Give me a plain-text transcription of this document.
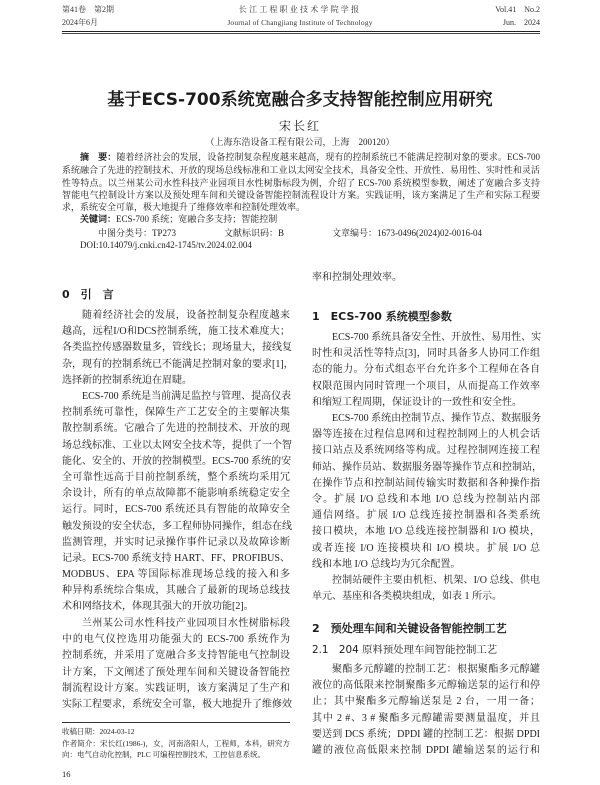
第41卷　第2期
2024年6月
长江工程职业技术学院学报
Journal of Changjiang Institute of Technology
Vol.41　No.2
Jun.　2024
基于ECS-700系统宽融合多支持智能控制应用研究
宋长红
（上海东浩设备工程有限公司，上海　200120）

摘　要：随着经济社会的发展，设备控制复杂程度越来越高，现有的控制系统已不能满足控制对象的要求。ECS-700 系统融合了先进的控制技术、开放的现场总线标准和工业以太网安全技术，具备安全性、开放性、易用性、实时性和灵活性等特点。以兰州某公司水性科技产业园项目水性树脂标段为例，介绍了 ECS-700 系统模型参数，阐述了宽融合多支持智能电气控制设计方案以及预处理车间和关键设备智能控制流程设计方案。实践证明，该方案满足了生产和实际工程要求，系统安全可靠，极大地提升了维修效率和控制处理效率。

关键词：ECS-700 系统；宽融合多支持；智能控制

中图分类号：TP273	文献标识码：B	文章编号：1673-0496(2024)02-0016-04

DOI:10.14079/j.cnki.cn42-1745/tv.2024.02.004

0　引　言
随着经济社会的发展，设备控制复杂程度越来
越高，远程I/O和DCS控制系统，施工技术难度大；
各类监控传感器数量多，管线长；现场量大，接线复
杂，现有的控制系统已不能满足控制对象的要求[1]，
选择新的控制系统迫在眉睫。
ECS-700 系统是当前满足监控与管理、提高仪表
控制系统可靠性，保障生产工艺安全的主要解决集
散控制系统。它融合了先进的控制技术、开放的现
场总线标准、工业以太网安全技术等，提供了一个智
能化、安全的、开放的控制模型。ECS-700 系统的安
全可靠性远高于目前控制系统，整个系统均采用冗
余设计，所有的单点故障都不能影响系统稳定安全
运行。同时，ECS-700 系统还具有智能的故障安全
触发预设的安全状态，多工程师协同操作，组态在线
监测管理，并实时记录操作事件记录以及故障诊断
记录。ECS-700 系统支持 HART、FF、PROFIBUS、
MODBUS、EPA 等国际标准现场总线的接入和多
种异构系统综合集成，其融合了最新的现场总线技
术和网络技术，体现其强大的开放功能[2]。
兰州某公司水性科技产业园项目水性树脂标段
中的电气仪控选用功能强大的 ECS-700 系统作为
控制系统，并采用了宽融合多支持智能电气控制设
计方案，下文阐述了预处理车间和关键设备智能控
制流程设计方案。实践证明，该方案满足了生产和
实际工程要求，系统安全可靠，极大地提升了维修效
收稿日期：2024-03-12
作者简介：宋长红(1986-)，女，河南洛阳人，工程师，本科，研究方向：电气自动化控制，PLC 可编程控制技术，工控信息系统。
16
率和控制处理效率。
1　ECS-700 系统模型参数
ECS-700 系统具备安全性、开放性、易用性、实
时性和灵活性等特点[3]，同时具备多人协同工作组
态的能力。分布式组态平台允许多个工程师在各自
权限范围内同时管理一个项目，从而提高工作效率
和缩短工程周期，保证设计的一致性和安全性。
ECS-700 系统由控制节点、操作节点、数据服务
器等连接在过程信息网和过程控制网上的人机会话
接口站点及系统网络等构成。过程控制网连接工程
师站、操作员站、数据服务器等操作节点和控制站，
在操作节点和控制站间传输实时数据和各种操作指
令。扩展 I/O 总线和本地 I/O 总线为控制站内部
通信网络。扩展 I/O 总线连接控制器和各类系统
接口模块，本地 I/O 总线连接控制器和 I/O 模块，
或者连接 I/O 连接模块和 I/O 模块。扩展 I/O 总
线和本地 I/O 总线均为冗余配置。
控制站硬件主要由机柜、机架、I/O 总线、供电
单元、基座和各类模块组成，如表 1 所示。
2　预处理车间和关键设备智能控制工艺
2.1　204 原料预处理车间智能控制工艺
聚酯多元醇罐的控制工艺：根据聚酯多元醇罐
液位的高低限来控制聚酯多元醇输送泵的运行和停
止；其中聚酯多元醇输送泵是 2 台，一用一备；
其中 2 #、3 # 聚酯多元醇罐需要测量温度，并且
要送到 DCS 系统；DPDI 罐的控制工艺：根据 DPDI
罐的液位高低限来控制 DPDI 罐输送泵的运行和
